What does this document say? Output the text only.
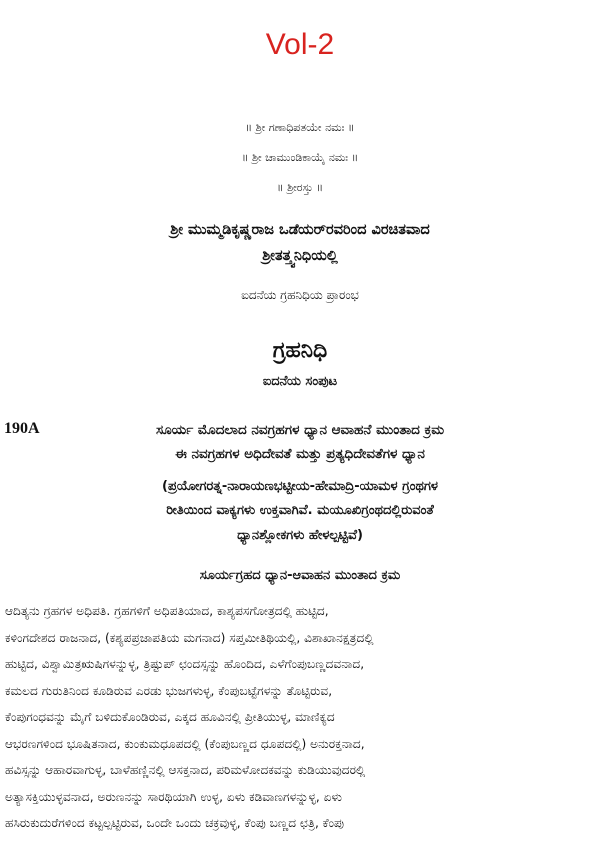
Vol-2
॥ ಶ್ರೀ ಗಣಾಧಿಪತಯೇ ನಮಃ ॥
॥ ಶ್ರೀ ಚಾಮುಂಡಿಕಾಯೈ ನಮಃ ॥
॥ ಶ್ರೀರಸ್ತು ॥
ಶ್ರೀ ಮುಮ್ಮಡಿಕೃಷ್ಣರಾಜ ಒಡೆಯರ್‌ರವರಿಂದ ವಿರಚಿತವಾದ
ಶ್ರೀತತ್ತ್ವನಿಧಿಯಲ್ಲಿ
ಐದನೆಯ ಗ್ರಹನಿಧಿಯ ಪ್ರಾರಂಭ
ಗ್ರಹನಿಧಿ
ಐದನೆಯ ಸಂಪುಟ
190A	ಸೂರ್ಯ ಮೊದಲಾದ ನವಗ್ರಹಗಳ ಧ್ಯಾನ ಆವಾಹನೆ ಮುಂತಾದ ಕ್ರಮ
ಈ ನವಗ್ರಹಗಳ ಅಧಿದೇವತೆ ಮತ್ತು ಪ್ರತ್ಯಧಿದೇವತೆಗಳ ಧ್ಯಾನ
(ಪ್ರಯೋಗರತ್ನ-ನಾರಾಯಣಭಟ್ಟೀಯ-ಹೇಮಾದ್ರಿ-ಯಾಮಳ ಗ್ರಂಥಗಳ
ರೀತಿಯಿಂದ ವಾಕ್ಯಗಳು ಉಕ್ತವಾಗಿವೆ. ಮಯೂಖಿಗ್ರಂಥದಲ್ಲಿರುವಂತೆ
ಧ್ಯಾನಶ್ಲೋಕಗಳು ಹೇಳಲ್ಪಟ್ಟಿವೆ)
ಸೂರ್ಯಗ್ರಹದ ಧ್ಯಾನ-ಆವಾಹನ ಮುಂತಾದ ಕ್ರಮ
ಆದಿತ್ಯನು ಗ್ರಹಗಳ ಅಧಿಪತಿ. ಗ್ರಹಗಳಿಗೆ ಅಧಿಪತಿಯಾದ, ಕಾಶ್ಯಪಸಗೋತ್ರದಲ್ಲಿ ಹುಟ್ಟಿದ,
ಕಳಿಂಗದೇಶದ ರಾಜನಾದ, (ಕಶ್ಯಪಪ್ರಜಾಪತಿಯ ಮಗನಾದ) ಸಪ್ತಮೀತಿಥಿಯಲ್ಲಿ, ವಿಶಾಖಾನಕ್ಷತ್ರದಲ್ಲಿ
ಹುಟ್ಟಿದ, ವಿಶ್ವಾಮಿತ್ರಋಷಿಗಳನ್ನುಳ್ಳ, ತ್ರಿಷ್ಟುಪ್ ಛಂದಸ್ಸನ್ನು ಹೊಂದಿದ, ಎಳೆಗೆಂಪುಬಣ್ಣದವನಾದ,
ಕಮಲದ ಗುರುತಿನಿಂದ ಕೂಡಿರುವ ಎರಡು ಭುಜಗಳುಳ್ಳ, ಕೆಂಪುಬಟ್ಟೆಗಳನ್ನು ತೊಟ್ಟಿರುವ,
ಕೆಂಪುಗಂಧವನ್ನು ಮೈಗೆ ಬಳಿದುಕೊಂಡಿರುವ, ಎಕ್ಕದ ಹೂವಿನಲ್ಲಿ ಪ್ರೀತಿಯುಳ್ಳ, ಮಾಣಿಕ್ಯದ
ಆಭರಣಗಳಿಂದ ಭೂಷಿತನಾದ, ಕುಂಕುಮಧೂಪದಲ್ಲಿ (ಕೆಂಪುಬಣ್ಣದ ಧೂಪದಲ್ಲಿ) ಅನುರಕ್ತನಾದ,
ಹವಿಸ್ಸನ್ನು ಆಹಾರವಾಗುಳ್ಳ, ಬಾಳೆಹಣ್ಣಿನಲ್ಲಿ ಆಸಕ್ತನಾದ, ಪರಿಮಳೋದಕವನ್ನು ಕುಡಿಯುವುದರಲ್ಲಿ
ಅತ್ಯಾಸಕ್ತಿಯುಳ್ಳವನಾದ, ಅರುಣನನ್ನು ಸಾರಥಿಯಾಗಿ ಉಳ್ಳ, ಏಳು ಕಡಿವಾಣಗಳನ್ನುಳ್ಳ, ಏಳು
ಹಸಿರುಕುದುರೆಗಳಿಂದ ಕಟ್ಟಲ್ಪಟ್ಟಿರುವ, ಒಂದೇ ಒಂದು ಚಕ್ರವುಳ್ಳ, ಕೆಂಪು ಬಣ್ಣದ ಛತ್ರಿ, ಕೆಂಪು
